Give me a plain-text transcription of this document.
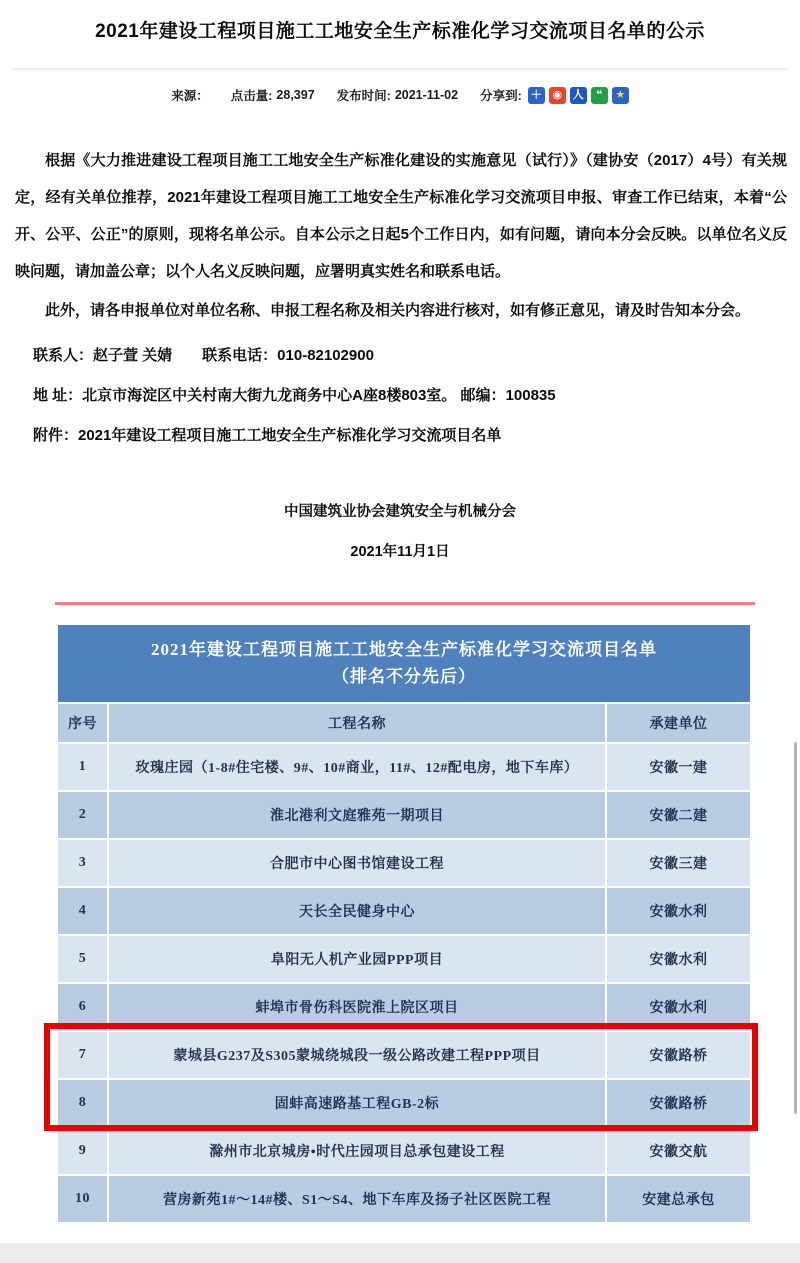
2021年建设工程项目施工工地安全生产标准化学习交流项目名单的公示
来源： 点击量: 28,397 发布时间: 2021-11-02 分享到: ＋ ◉ 人	❝	★

根据《大力推进建设工程项目施工工地安全生产标准化建设的实施意见（试行）》（建协安（2017）4号）有关规定，经有关单位推荐，2021年建设工程项目施工工地安全生产标准化学习交流项目申报、审查工作已结束，本着“公开、公平、公正”的原则，现将名单公示。自本公示之日起5个工作日内，如有问题，请向本分会反映。以单位名义反映问题，请加盖公章；以个人名义反映问题，应署明真实姓名和联系电话。

此外，请各申报单位对单位名称、申报工程名称及相关内容进行核对，如有修正意见，请及时告知本分会。

联系人：赵子萱 关婧　　联系电话：010-82102900
地 址：北京市海淀区中关村南大街九龙商务中心A座8楼803室。 邮编：100835
附件：2021年建设工程项目施工工地安全生产标准化学习交流项目名单
中国建筑业协会建筑安全与机械分会
2021年11月1日
2021年建设工程项目施工工地安全生产标准化学习交流项目名单
（排名不分先后）
序号	工程名称	承建单位
1	玫瑰庄园（1-8#住宅楼、9#、10#商业，11#、12#配电房，地下车库）	安徽一建
2	淮北港利文庭雅苑一期项目	安徽二建
3	合肥市中心图书馆建设工程	安徽三建
4	天长全民健身中心	安徽水利
5	阜阳无人机产业园PPP项目	安徽水利
6	蚌埠市骨伤科医院淮上院区项目	安徽水利
7	蒙城县G237及S305蒙城绕城段一级公路改建工程PPP项目	安徽路桥
8	固蚌高速路基工程GB-2标	安徽路桥
9	滁州市北京城房•时代庄园项目总承包建设工程	安徽交航
10	营房新苑1#～14#楼、S1～S4、地下车库及扬子社区医院工程	安建总承包
